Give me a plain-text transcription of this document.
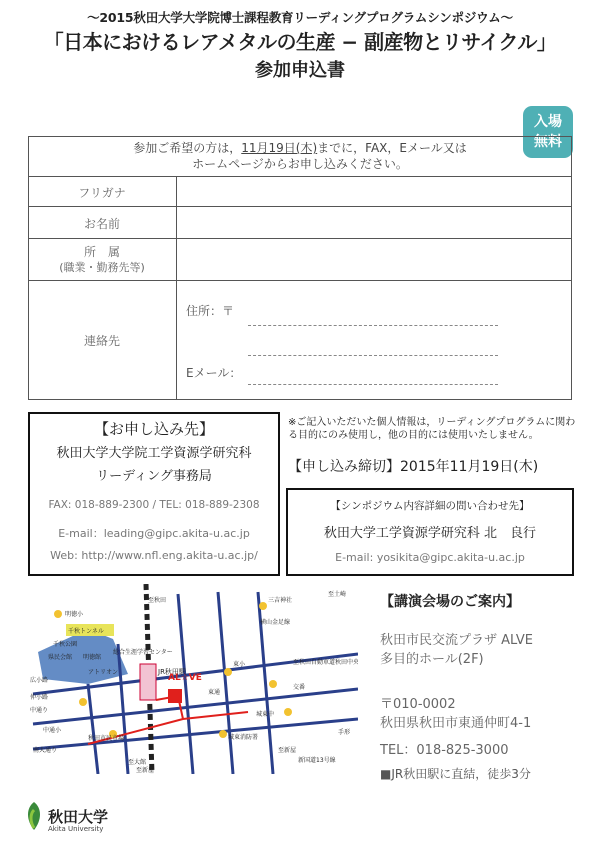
〜2015秋田大学大学院博士課程教育リーディングプログラムシンポジウム〜
「日本におけるレアメタルの生産 − 副産物とリサイクル」
参加申込書
入場
無料
参加ご希望の方は，11月19日(木)までに，FAX，Eメール又は
ホームページからお申し込みください。
フリガナ
お名前
所　属
(職業・勤務先等)
連絡先
住所：〒
Eメール：
【お申し込み先】
秋田大学大学院工学資源学研究科
リーディング事務局
FAX: 018-889-2300 / TEL: 018-889-2308
E-mail：leading@gipc.akita-u.ac.jp
Web: http://www.nfl.eng.akita-u.ac.jp/
※ご記入いただいた個人情報は，リーディングプログラムに関わる目的にのみ使用し，他の目的には使用いたしません。
【申し込み締切】2015年11月19日(木)
【シンポジウム内容詳細の問い合わせ先】
秋田大学工学資源学研究科 北　良行
E-mail: yosikita@gipc.akita-u.ac.jp
JR秋田駅
AL☆VE
明徳小
千秋トンネル
千秋公園
県民会館 明徳館
総合生涯学習センター
アトリオン
広小路
仲小路
中通り
中通小
南大通り
秋田市民市場
至秋田
至大館
至新屋
三吉神社
横山金足線
至秋田自動車道秋田中央IC
東通
東小
交番
城東中
城東消防署
手形
至土崎
至新屋
新国道13号線
【講演会場のご案内】
秋田市民交流プラザ ALVE
多目的ホール(2F)
〒010-0002
秋田県秋田市東通仲町4-1
TEL：018-825-3000
■JR秋田駅に直結，徒歩3分
秋田大学
Akita University
